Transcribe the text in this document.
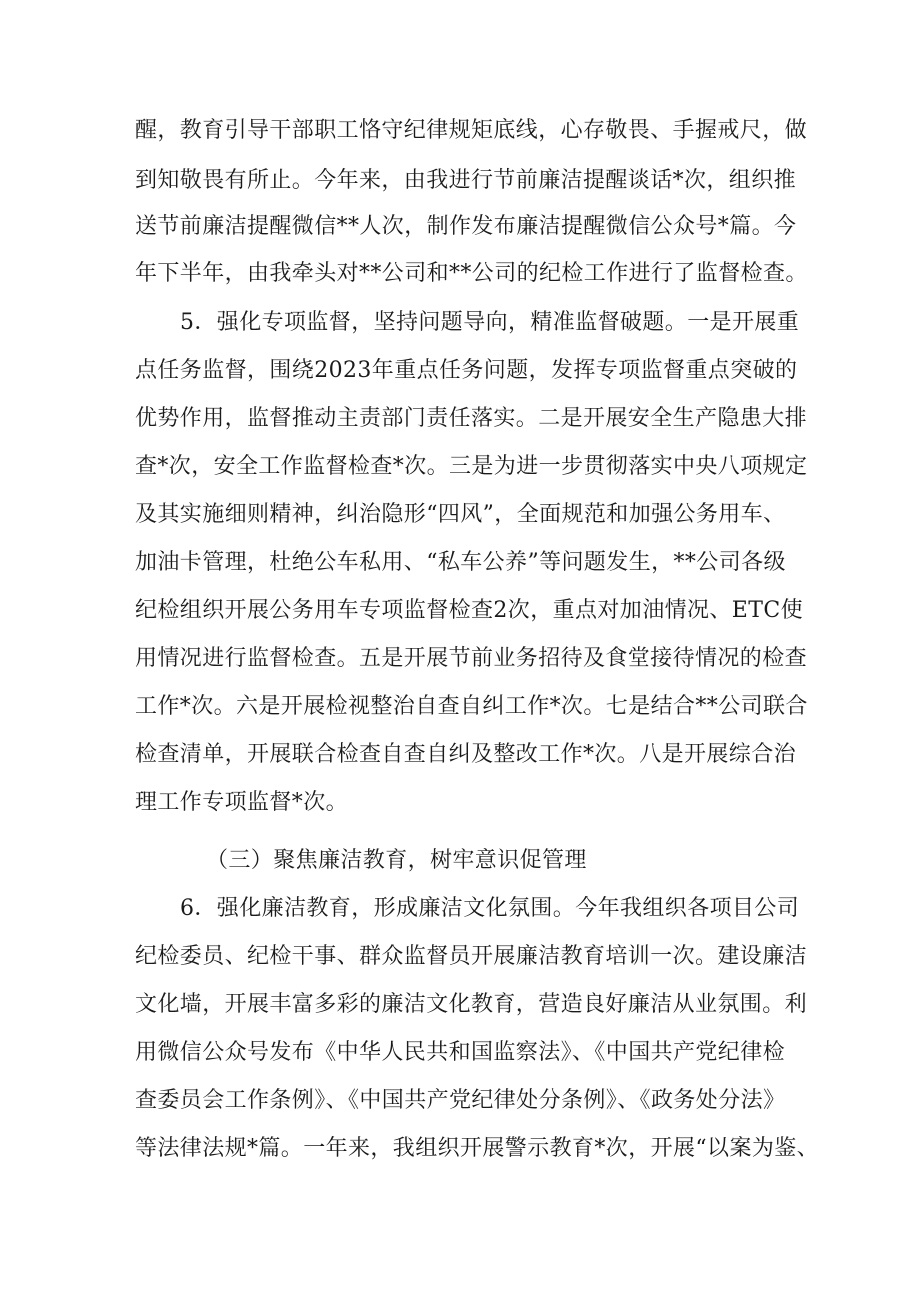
醒，教育引导干部职工恪守纪律规矩底线，心存敬畏、手握戒尺，做
到知敬畏有所止。今年来，由我进行节前廉洁提醒谈话*次，组织推
送节前廉洁提醒微信**人次，制作发布廉洁提醒微信公众号*篇。今
年下半年，由我牵头对**公司和**公司的纪检工作进行了监督检查。
5．强化专项监督，坚持问题导向，精准监督破题。一是开展重
点任务监督，围绕2023年重点任务问题，发挥专项监督重点突破的
优势作用，监督推动主责部门责任落实。二是开展安全生产隐患大排
查*次，安全工作监督检查*次。三是为进一步贯彻落实中央八项规定
及其实施细则精神，纠治隐形“四风”，全面规范和加强公务用车、
加油卡管理，杜绝公车私用、“私车公养”等问题发生，**公司各级
纪检组织开展公务用车专项监督检查2次，重点对加油情况、ETC使
用情况进行监督检查。五是开展节前业务招待及食堂接待情况的检查
工作*次。六是开展检视整治自查自纠工作*次。七是结合**公司联合
检查清单，开展联合检查自查自纠及整改工作*次。八是开展综合治
理工作专项监督*次。
（三）聚焦廉洁教育，树牢意识促管理
6．强化廉洁教育，形成廉洁文化氛围。今年我组织各项目公司
纪检委员、纪检干事、群众监督员开展廉洁教育培训一次。建设廉洁
文化墙，开展丰富多彩的廉洁文化教育，营造良好廉洁从业氛围。利
用微信公众号发布《中华人民共和国监察法》、《中国共产党纪律检
查委员会工作条例》、《中国共产党纪律处分条例》、《政务处分法》
等法律法规*篇。一年来，我组织开展警示教育*次，开展“以案为鉴、
